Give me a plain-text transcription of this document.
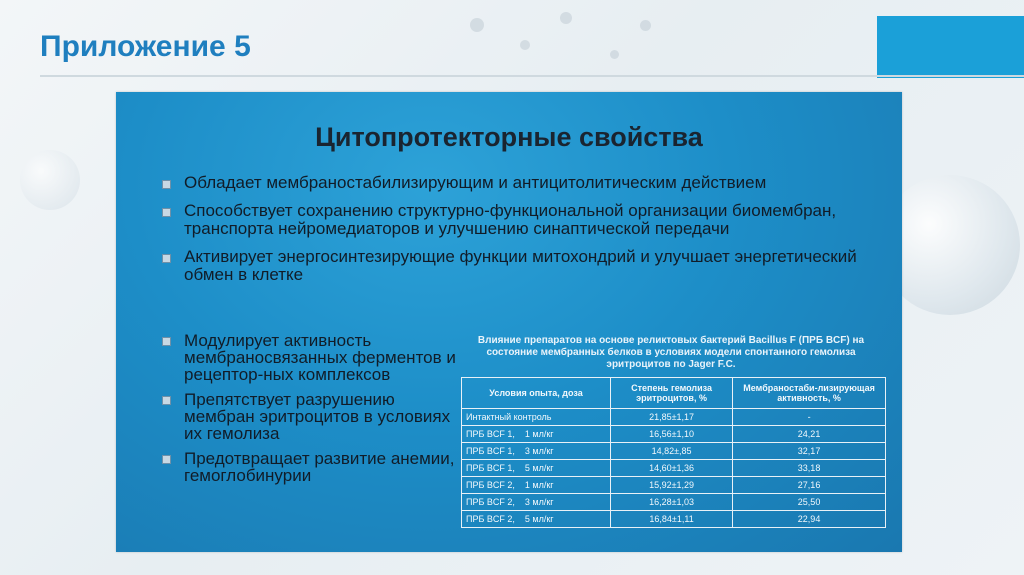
Приложение 5
Цитопротекторные свойства
Обладает мембраностабилизирующим и антицитолитическим действием
Способствует сохранению структурно-функциональной организации биомембран, транспорта нейромедиаторов и улучшению синаптической передачи
Активирует энергосинтезирующие функции митохондрий и улучшает энергетический обмен в клетке
Модулирует активность мембраносвязанных ферментов и рецептор-ных комплексов
Препятствует разрушению мембран эритроцитов в условиях их гемолиза
Предотвращает развитие анемии, гемоглобинурии
Влияние препаратов на основе реликтовых бактерий Bacillus F (ПРБ BCF) на состояние мембранных белков в условиях модели спонтанного гемолиза эритроцитов по Jager F.C.
Условия опыта, доза	Степень гемолиза эритроцитов, %	Мембраностаби-лизирующая активность, %
Интактный контроль	21,85±1,17	-
ПРБ BCF 1,    1 мл/кг	16,56±1,10	24,21
ПРБ BCF 1,    3 мл/кг	14,82±,85	32,17
ПРБ BCF 1,    5 мл/кг	14,60±1,36	33,18
ПРБ BCF 2,    1 мл/кг	15,92±1,29	27,16
ПРБ BCF 2,    3 мл/кг	16,28±1,03	25,50
ПРБ BCF 2,    5 мл/кг	16,84±1,11	22,94
